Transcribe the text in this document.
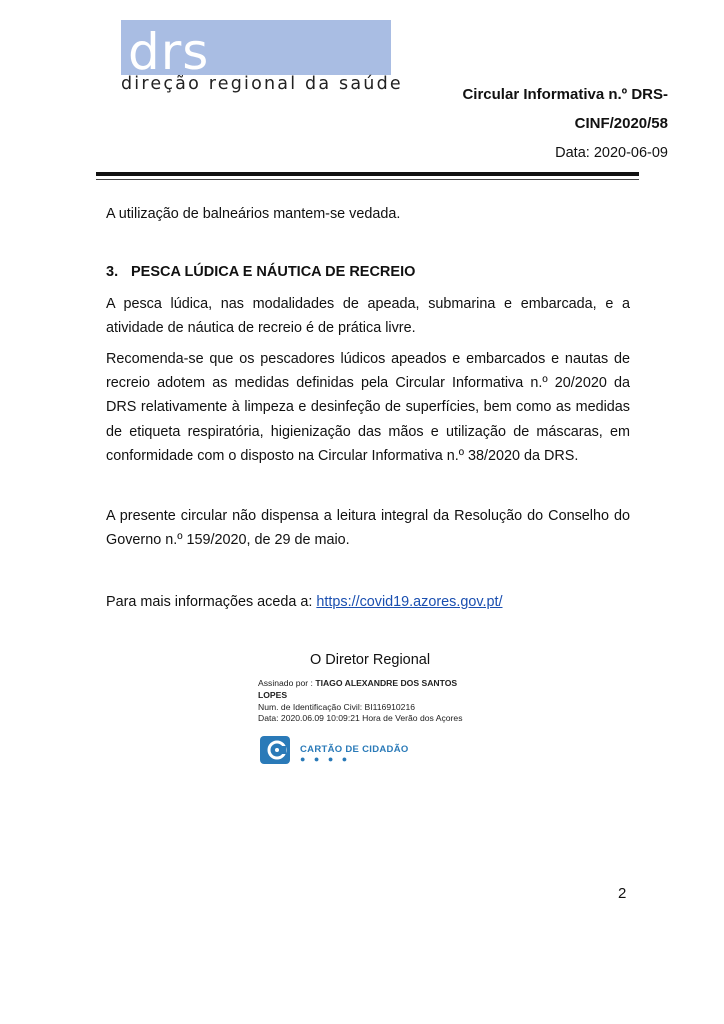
drs
direção regional da saúde
Circular Informativa n.º DRS-
CINF/2020/58
Data: 2020-06-09
A utilização de balneários mantem-se vedada.
3. PESCA LÚDICA E NÁUTICA DE RECREIO
A pesca lúdica, nas modalidades de apeada, submarina e embarcada, e a atividade de náutica de recreio é de prática livre.
Recomenda-se que os pescadores lúdicos apeados e embarcados e nautas de recreio adotem as medidas definidas pela Circular Informativa n.º 20/2020 da DRS relativamente à limpeza e desinfeção de superfícies, bem como as medidas de etiqueta respiratória, higienização das mãos e utilização de máscaras, em conformidade com o disposto na Circular Informativa n.º 38/2020 da DRS.
A presente circular não dispensa a leitura integral da Resolução do Conselho do Governo n.º 159/2020, de 29 de maio.
Para mais informações aceda a: https://covid19.azores.gov.pt/
O Diretor Regional
Assinado por : TIAGO ALEXANDRE DOS SANTOS
LOPES
Num. de Identificação Civil: BI116910216
Data: 2020.06.09 10:09:21 Hora de Verão dos Açores
CARTÃO DE CIDADÃO
● ● ● ●
2
